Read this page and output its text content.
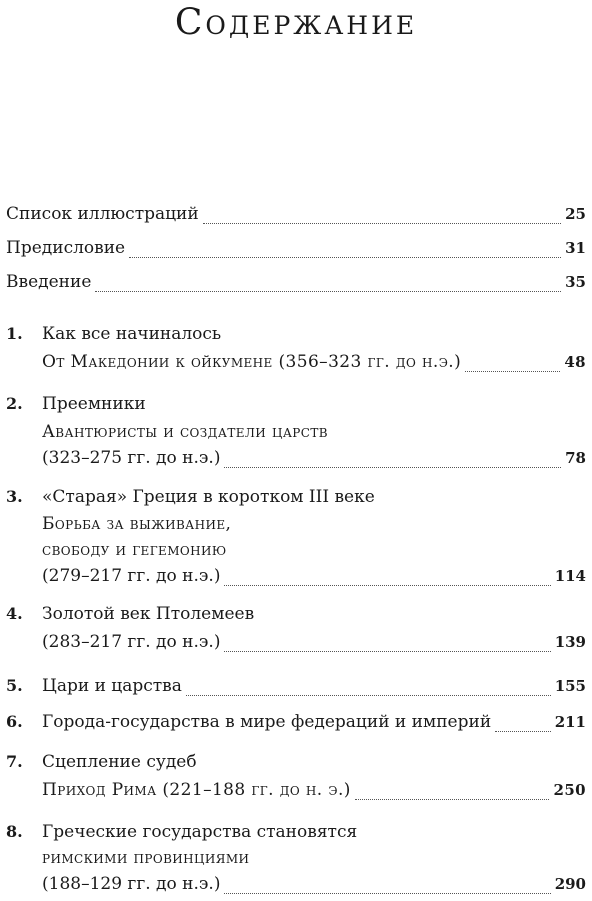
Содержание
Список иллюстраций	25
Предисловие	31
Введение	35
1. Как все начиналось
От Македонии к ойкумене (356–323 гг. до н.э.)	48
2. Преемники
Авантюристы и создатели царств
(323–275 гг. до н.э.)	78
3. «Старая» Греция в коротком III веке
Борьба за выживание,
свободу и гегемонию
(279–217 гг. до н.э.)	114
4. Золотой век Птолемеев
(283–217 гг. до н.э.)	139
5. Цари и царства	155
6. Города-государства в мире федераций и империй	211
7. Сцепление судеб
Приход Рима (221–188 гг. до н. э.)	250
8. Греческие государства становятся
римскими провинциями
(188–129 гг. до н.э.)	290
